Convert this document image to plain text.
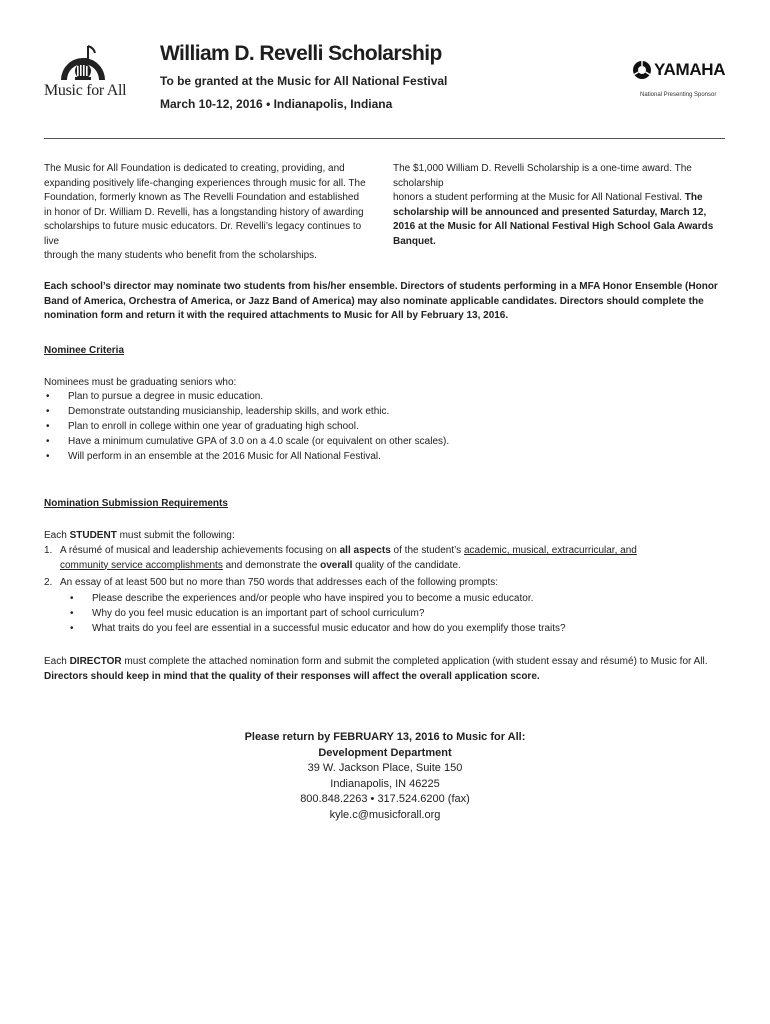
Music for All
William D. Revelli Scholarship
To be granted at the Music for All National Festival
March 10-12, 2016 • Indianapolis, Indiana
YAMAHA
National Presenting Sponsor
The Music for All Foundation is dedicated to creating, providing, and
expanding positively life-changing experiences through music for all. The
Foundation, formerly known as The Revelli Foundation and established
in honor of Dr. William D. Revelli, has a longstanding history of awarding
scholarships to future music educators. Dr. Revelli’s legacy continues to live
through the many students who benefit from the scholarships.
The $1,000 William D. Revelli Scholarship is a one-time award. The scholarship
honors a student performing at the Music for All National Festival. The
scholarship will be announced and presented Saturday, March 12,
2016 at the Music for All National Festival High School Gala Awards
Banquet.
Each school’s director may nominate two students from his/her ensemble. Directors of students performing in a MFA Honor Ensemble (Honor
Band of America, Orchestra of America, or Jazz Band of America) may also nominate applicable candidates. Directors should complete the
nomination form and return it with the required attachments to Music for All by February 13, 2016.
Nominee Criteria
Nominees must be graduating seniors who:
• Plan to pursue a degree in music education.
• Demonstrate outstanding musicianship, leadership skills, and work ethic.
• Plan to enroll in college within one year of graduating high school.
• Have a minimum cumulative GPA of 3.0 on a 4.0 scale (or equivalent on other scales).
• Will perform in an ensemble at the 2016 Music for All National Festival.
Nomination Submission Requirements
Each STUDENT must submit the following:
1. A résumé of musical and leadership achievements focusing on all aspects of the student’s academic, musical, extracurricular, and
community service accomplishments and demonstrate the overall quality of the candidate.
2. An essay of at least 500 but no more than 750 words that addresses each of the following prompts:
• Please describe the experiences and/or people who have inspired you to become a music educator.
• Why do you feel music education is an important part of school curriculum?
• What traits do you feel are essential in a successful music educator and how do you exemplify those traits?
Each DIRECTOR must complete the attached nomination form and submit the completed application (with student essay and résumé) to Music for All.
Directors should keep in mind that the quality of their responses will affect the overall application score.
Please return by FEBRUARY 13, 2016 to Music for All:
Development Department
39 W. Jackson Place, Suite 150
Indianapolis, IN 46225
800.848.2263 • 317.524.6200 (fax)
kyle.c@musicforall.org
